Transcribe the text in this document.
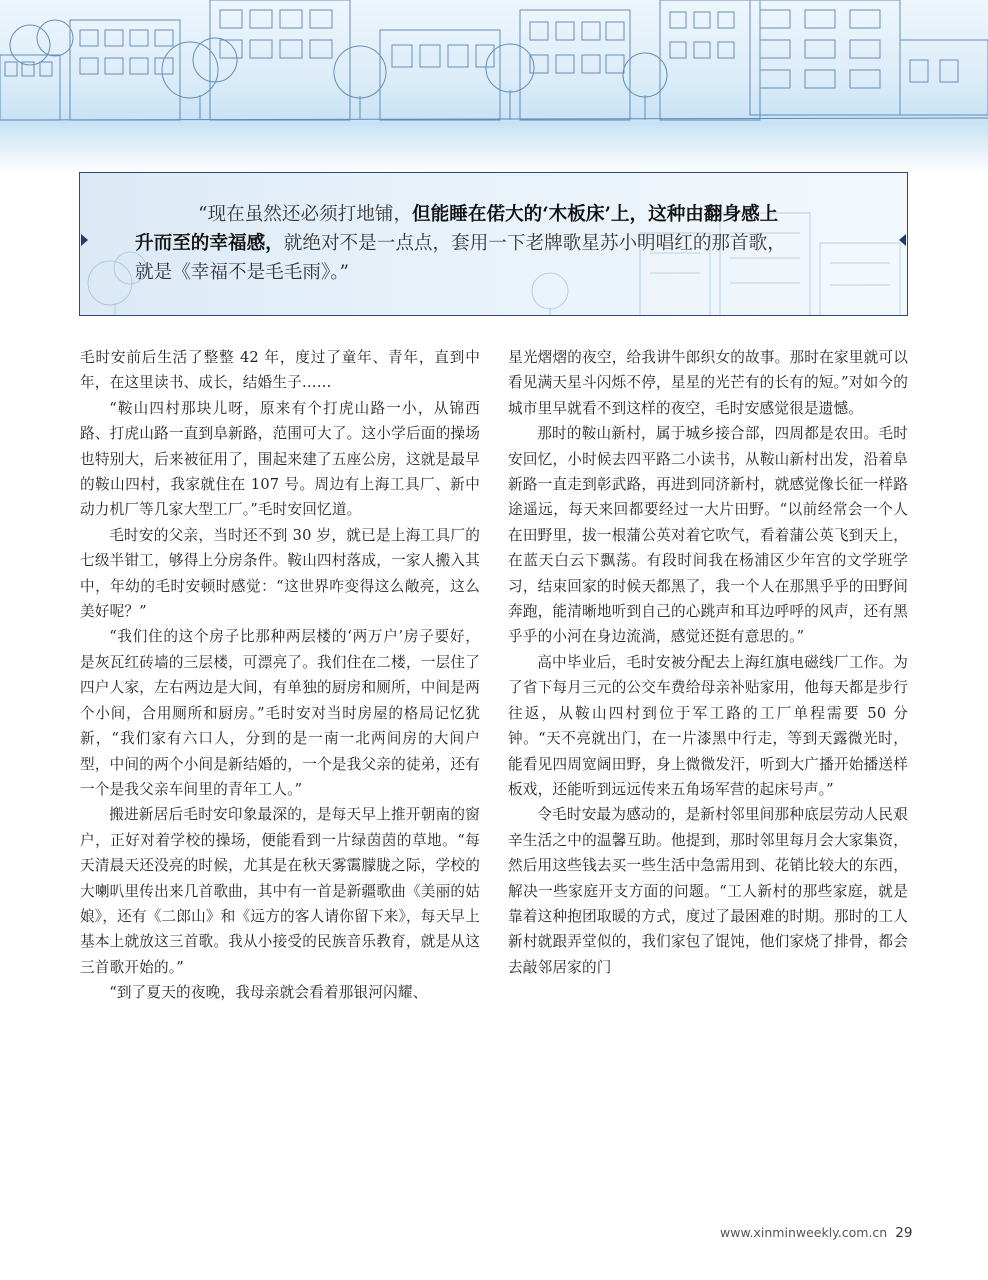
“现在虽然还必须打地铺，但能睡在偌大的‘木板床’上，这种由翻身感上

升而至的幸福感，就绝对不是一点点，套用一下老牌歌星苏小明唱红的那首歌，

就是《幸福不是毛毛雨》。”

毛时安前后生活了整整 42 年，度过了童年、青年，直到中年，在这里读书、成长，结婚生子……

“鞍山四村那块儿呀，原来有个打虎山路一小，从锦西路、打虎山路一直到阜新路，范围可大了。这小学后面的操场也特别大，后来被征用了，围起来建了五座公房，这就是最早的鞍山四村，我家就住在 107 号。周边有上海工具厂、新中动力机厂等几家大型工厂。”毛时安回忆道。

毛时安的父亲，当时还不到 30 岁，就已是上海工具厂的七级半钳工，够得上分房条件。鞍山四村落成，一家人搬入其中，年幼的毛时安顿时感觉：“这世界咋变得这么敞亮，这么美好呢？”

“我们住的这个房子比那种两层楼的‘两万户’房子要好，是灰瓦红砖墙的三层楼，可漂亮了。我们住在二楼，一层住了四户人家，左右两边是大间，有单独的厨房和厕所，中间是两个小间，合用厕所和厨房。”毛时安对当时房屋的格局记忆犹新，“我们家有六口人，分到的是一南一北两间房的大间户型，中间的两个小间是新结婚的，一个是我父亲的徒弟，还有一个是我父亲车间里的青年工人。”

搬进新居后毛时安印象最深的，是每天早上推开朝南的窗户，正好对着学校的操场，便能看到一片绿茵茵的草地。“每天清晨天还没亮的时候，尤其是在秋天雾霭朦胧之际，学校的大喇叭里传出来几首歌曲，其中有一首是新疆歌曲《美丽的姑娘》，还有《二郎山》和《远方的客人请你留下来》，每天早上基本上就放这三首歌。我从小接受的民族音乐教育，就是从这三首歌开始的。”

“到了夏天的夜晚，我母亲就会看着那银河闪耀、

星光熠熠的夜空，给我讲牛郎织女的故事。那时在家里就可以看见满天星斗闪烁不停，星星的光芒有的长有的短。”对如今的城市里早就看不到这样的夜空，毛时安感觉很是遗憾。

那时的鞍山新村，属于城乡接合部，四周都是农田。毛时安回忆，小时候去四平路二小读书，从鞍山新村出发，沿着阜新路一直走到彰武路，再进到同济新村，就感觉像长征一样路途遥远，每天来回都要经过一大片田野。“以前经常会一个人在田野里，拔一根蒲公英对着它吹气，看着蒲公英飞到天上，在蓝天白云下飘荡。有段时间我在杨浦区少年宫的文学班学习，结束回家的时候天都黑了，我一个人在那黑乎乎的田野间奔跑，能清晰地听到自己的心跳声和耳边呼呼的风声，还有黑乎乎的小河在身边流淌，感觉还挺有意思的。”

高中毕业后，毛时安被分配去上海红旗电磁线厂工作。为了省下每月三元的公交车费给母亲补贴家用，他每天都是步行往返，从鞍山四村到位于军工路的工厂单程需要 50 分钟。“天不亮就出门，在一片漆黑中行走，等到天露微光时，能看见四周宽阔田野，身上微微发汗，听到大广播开始播送样板戏，还能听到远远传来五角场军营的起床号声。”

令毛时安最为感动的，是新村邻里间那种底层劳动人民艰辛生活之中的温馨互助。他提到，那时邻里每月会大家集资，然后用这些钱去买一些生活中急需用到、花销比较大的东西，解决一些家庭开支方面的问题。“工人新村的那些家庭，就是靠着这种抱团取暖的方式，度过了最困难的时期。那时的工人新村就跟弄堂似的，我们家包了馄饨，他们家烧了排骨，都会去敲邻居家的门

www.xinminweekly.com.cn 29
